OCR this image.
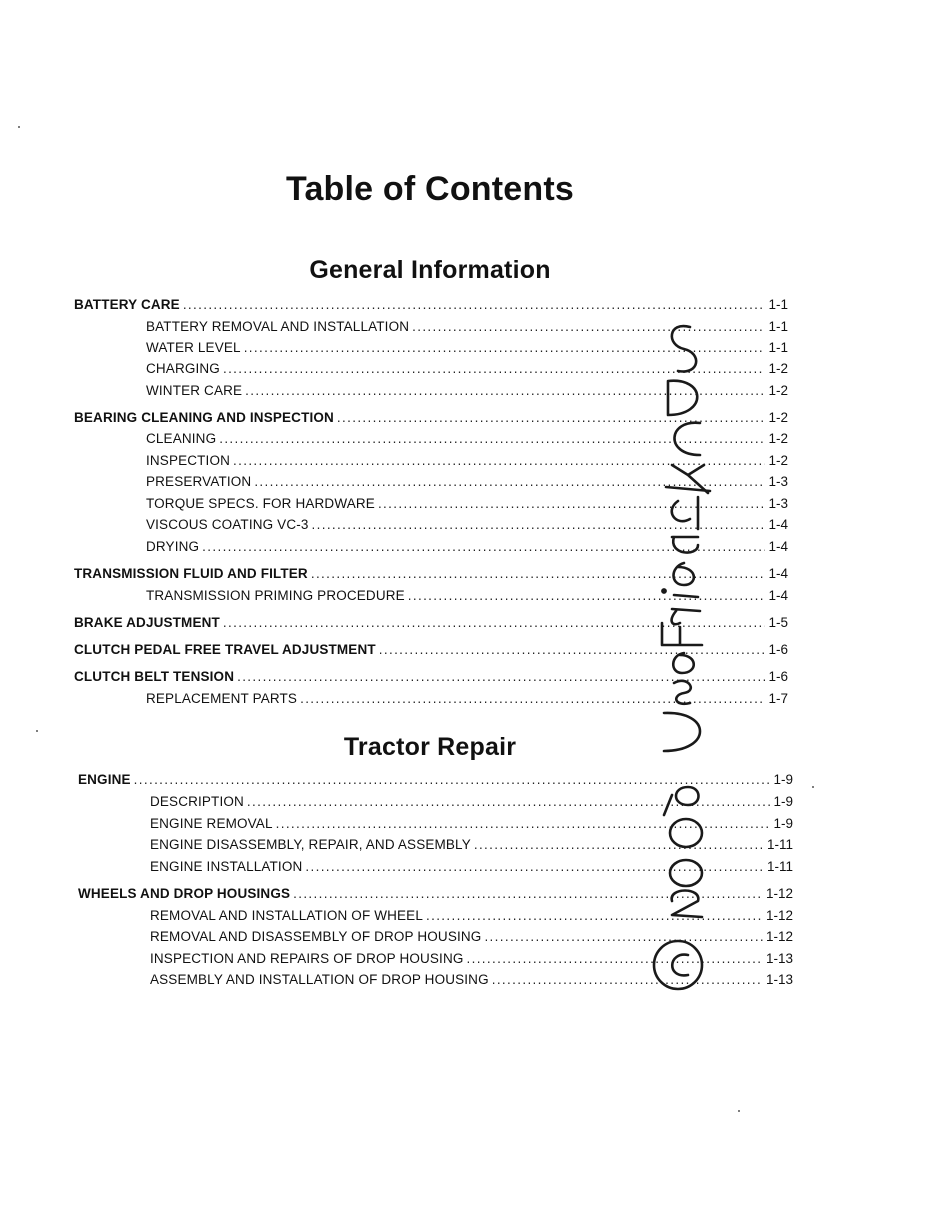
Table of Contents
General Information
BATTERY CARE . . .	1-1
BATTERY REMOVAL AND INSTALLATION . . .	1-1
WATER LEVEL . . .	1-1
CHARGING . . .	1-2
WINTER CARE . . .	1-2
BEARING CLEANING AND INSPECTION . . .	1-2
CLEANING . . .	1-2
INSPECTION . . .	1-2
PRESERVATION . . .	1-3
TORQUE SPECS. FOR HARDWARE . . .	1-3
VISCOUS COATING VC-3 . . .	1-4
DRYING . . .	1-4
TRANSMISSION FLUID AND FILTER . . .	1-4
TRANSMISSION PRIMING PROCEDURE . . .	1-4
BRAKE ADJUSTMENT . . .	1-5
CLUTCH PEDAL FREE TRAVEL ADJUSTMENT . . .	1-6
CLUTCH BELT TENSION . . .	1-6
REPLACEMENT PARTS . . .	1-7
Tractor Repair
ENGINE . . .	1-9
DESCRIPTION . . .	1-9
ENGINE REMOVAL . . .	1-9
ENGINE DISASSEMBLY, REPAIR, AND ASSEMBLY . . .	1-11
ENGINE INSTALLATION . . .	1-11
WHEELS AND DROP HOUSINGS . . .	1-12
REMOVAL AND INSTALLATION OF WHEEL . . .	1-12
REMOVAL AND DISASSEMBLY OF DROP HOUSING . . .	1-12
INSPECTION AND REPAIRS OF DROP HOUSING . . .	1-13
ASSEMBLY AND INSTALLATION OF DROP HOUSING . . .	1-13
